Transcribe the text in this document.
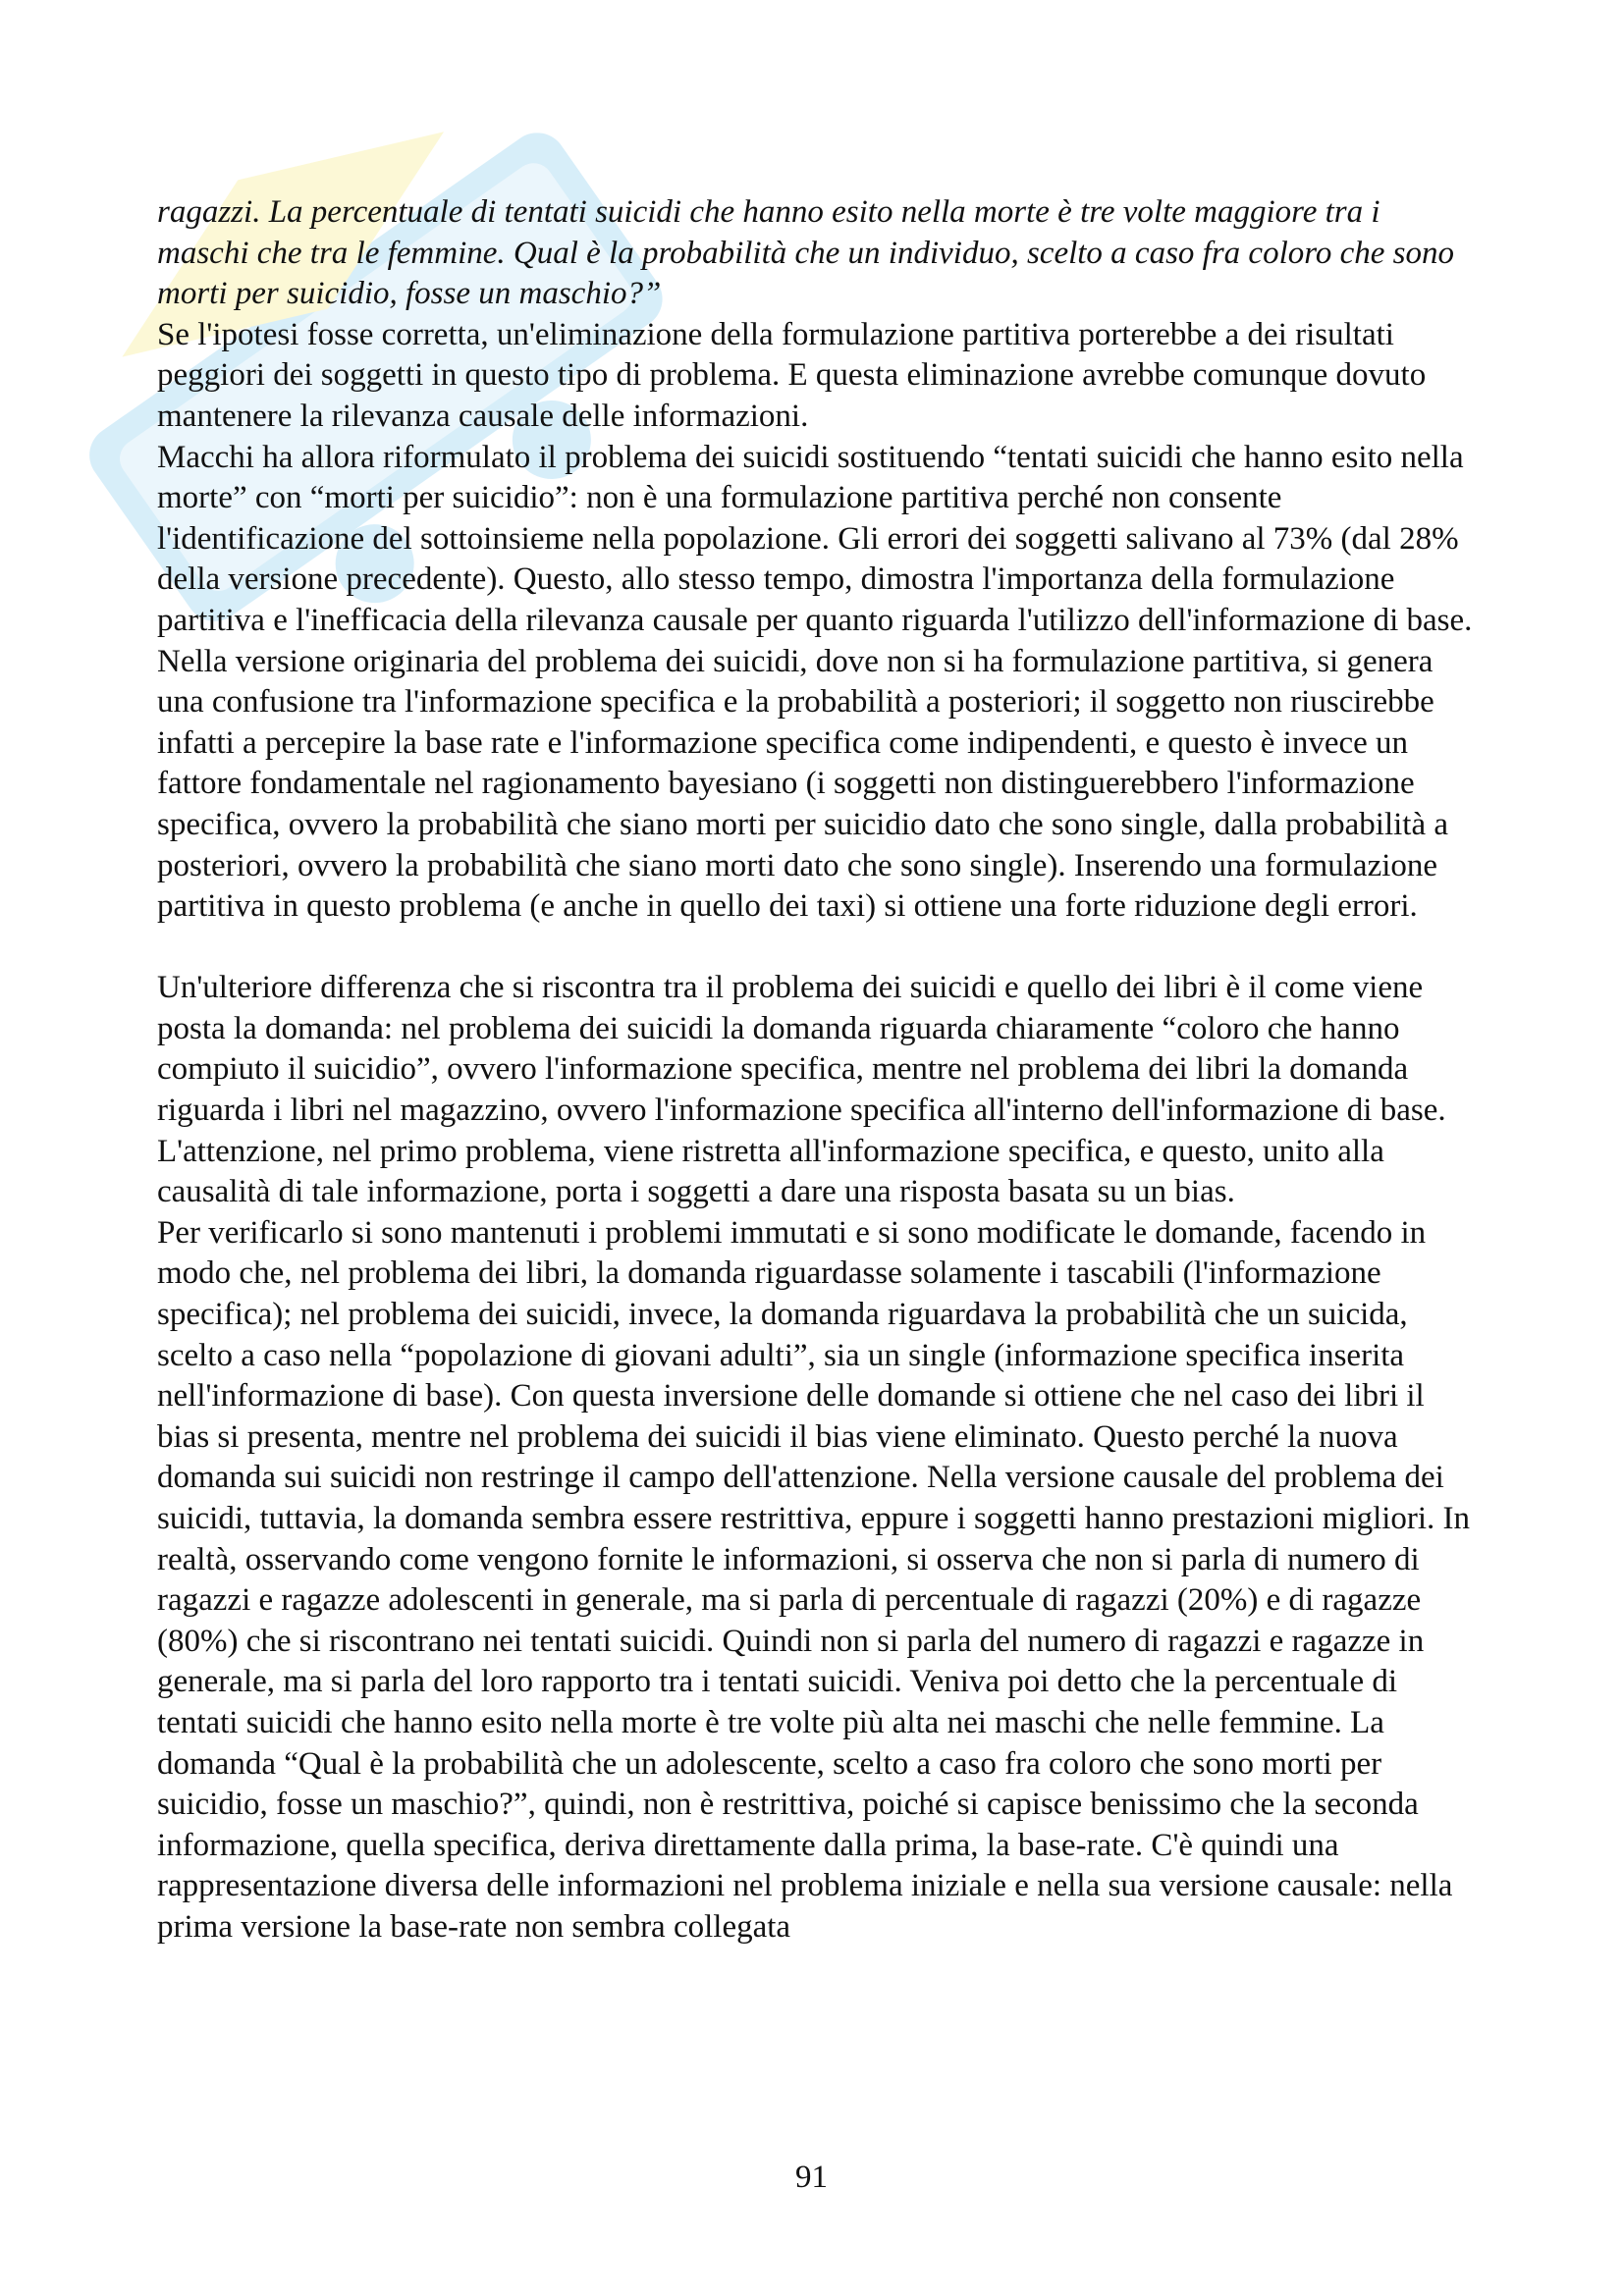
ragazzi. La percentuale di tentati suicidi che hanno esito nella morte è tre volte maggiore tra i maschi che tra le femmine. Qual è la probabilità che un individuo, scelto a caso fra coloro che sono morti per suicidio, fosse un maschio?”

Se l'ipotesi fosse corretta, un'eliminazione della formulazione partitiva porterebbe a dei risultati peggiori dei soggetti in questo tipo di problema. E questa eliminazione avrebbe comunque dovuto mantenere la rilevanza causale delle informazioni.

Macchi ha allora riformulato il problema dei suicidi sostituendo “tentati suicidi che hanno esito nella morte” con “morti per suicidio”: non è una formulazione partitiva perché non consente l'identificazione del sottoinsieme nella popolazione. Gli errori dei soggetti salivano al 73% (dal 28% della versione precedente). Questo, allo stesso tempo, dimostra l'importanza della formulazione partitiva e l'inefficacia della rilevanza causale per quanto riguarda l'utilizzo dell'informazione di base.

Nella versione originaria del problema dei suicidi, dove non si ha formulazione partitiva, si genera una confusione tra l'informazione specifica e la probabilità a posteriori; il soggetto non riuscirebbe infatti a percepire la base rate e l'informazione specifica come indipendenti, e questo è invece un fattore fondamentale nel ragionamento bayesiano (i soggetti non distinguerebbero l'informazione specifica, ovvero la probabilità che siano morti per suicidio dato che sono single, dalla probabilità a posteriori, ovvero la probabilità che siano morti dato che sono single). Inserendo una formulazione partitiva in questo problema (e anche in quello dei taxi) si ottiene una forte riduzione degli errori.

Un'ulteriore differenza che si riscontra tra il problema dei suicidi e quello dei libri è il come viene posta la domanda: nel problema dei suicidi la domanda riguarda chiaramente “coloro che hanno compiuto il suicidio”, ovvero l'informazione specifica, mentre nel problema dei libri la domanda riguarda i libri nel magazzino, ovvero l'informazione specifica all'interno dell'informazione di base. L'attenzione, nel primo problema, viene ristretta all'informazione specifica, e questo, unito alla causalità di tale informazione, porta i soggetti a dare una risposta basata su un bias.

Per verificarlo si sono mantenuti i problemi immutati e si sono modificate le domande, facendo in modo che, nel problema dei libri, la domanda riguardasse solamente i tascabili (l'informazione specifica); nel problema dei suicidi, invece, la domanda riguardava la probabilità che un suicida, scelto a caso nella “popolazione di giovani adulti”, sia un single (informazione specifica inserita nell'informazione di base). Con questa inversione delle domande si ottiene che nel caso dei libri il bias si presenta, mentre nel problema dei suicidi il bias viene eliminato. Questo perché la nuova domanda sui suicidi non restringe il campo dell'attenzione. Nella versione causale del problema dei suicidi, tuttavia, la domanda sembra essere restrittiva, eppure i soggetti hanno prestazioni migliori. In realtà, osservando come vengono fornite le informazioni, si osserva che non si parla di numero di ragazzi e ragazze adolescenti in generale, ma si parla di percentuale di ragazzi (20%) e di ragazze (80%) che si riscontrano nei tentati suicidi. Quindi non si parla del numero di ragazzi e ragazze in generale, ma si parla del loro rapporto tra i tentati suicidi. Veniva poi detto che la percentuale di tentati suicidi che hanno esito nella morte è tre volte più alta nei maschi che nelle femmine. La domanda “Qual è la probabilità che un adolescente, scelto a caso fra coloro che sono morti per suicidio, fosse un maschio?”, quindi, non è restrittiva, poiché si capisce benissimo che la seconda informazione, quella specifica, deriva direttamente dalla prima, la base-rate. C'è quindi una rappresentazione diversa delle informazioni nel problema iniziale e nella sua versione causale: nella prima versione la base-rate non sembra collegata

91
